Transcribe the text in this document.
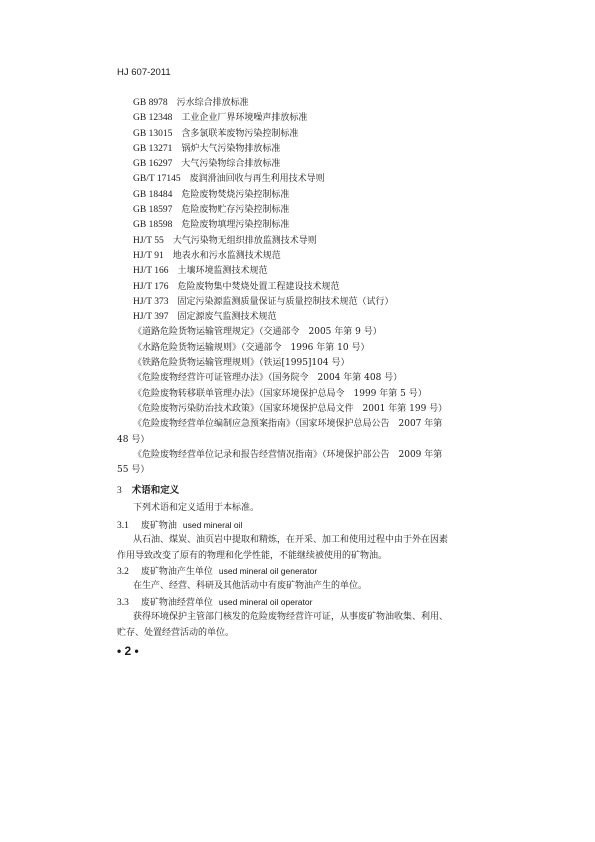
HJ 607-2011
GB 8978 污水综合排放标准
GB 12348 工业企业厂界环境噪声排放标准
GB 13015 含多氯联苯废物污染控制标准
GB 13271 锅炉大气污染物排放标准
GB 16297 大气污染物综合排放标准
GB/T 17145 废润滑油回收与再生利用技术导则
GB 18484 危险废物焚烧污染控制标准
GB 18597 危险废物贮存污染控制标准
GB 18598 危险废物填埋污染控制标准
HJ/T 55 大气污染物无组织排放监测技术导则
HJ/T 91 地表水和污水监测技术规范
HJ/T 166 土壤环境监测技术规范
HJ/T 176 危险废物集中焚烧处置工程建设技术规范
HJ/T 373 固定污染源监测质量保证与质量控制技术规范（试行）
HJ/T 397 固定源废气监测技术规范
《道路危险货物运输管理规定》（交通部令　2005 年第 9 号）
《水路危险货物运输规则》（交通部令　1996 年第 10 号）
《铁路危险货物运输管理规则》（铁运[1995]104 号）
《危险废物经营许可证管理办法》（国务院令　2004 年第 408 号）
《危险废物转移联单管理办法》（国家环境保护总局令　1999 年第 5 号）
《危险废物污染防治技术政策》（国家环境保护总局文件　2001 年第 199 号）
《危险废物经营单位编制应急预案指南》（国家环境保护总局公告　2007 年第
48 号）
《危险废物经营单位记录和报告经营情况指南》（环境保护部公告　2009 年第
55 号）
3 术语和定义
下列术语和定义适用于本标准。
3.1 废矿物油 used mineral oil
从石油、煤炭、油页岩中提取和精炼，在开采、加工和使用过程中由于外在因素
作用导致改变了原有的物理和化学性能，不能继续被使用的矿物油。
3.2 废矿物油产生单位 used mineral oil generator
在生产、经营、科研及其他活动中有废矿物油产生的单位。
3.3 废矿物油经营单位 used mineral oil operator
获得环境保护主管部门核发的危险废物经营许可证，从事废矿物油收集、利用、
贮存、处置经营活动的单位。
• 2 •
